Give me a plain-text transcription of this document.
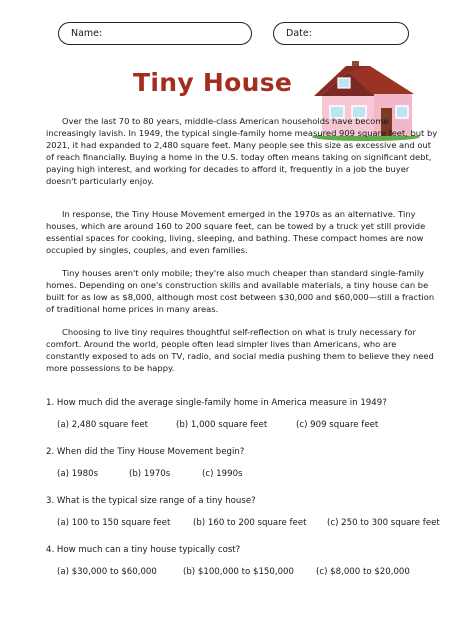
Name:	Date:
Tiny House

Over the last 70 to 80 years, middle-class American households have become increasingly lavish. In 1949, the typical single-family home measured 909 square feet, but by 2021, it had expanded to 2,480 square feet. Many people see this size as excessive and out of reach financially. Buying a home in the U.S. today often means taking on significant debt, paying high interest, and working for decades to afford it, frequently in a job the buyer doesn't particularly enjoy.

In response, the Tiny House Movement emerged in the 1970s as an alternative. Tiny houses, which are around 160 to 200 square feet, can be towed by a truck yet still provide essential spaces for cooking, living, sleeping, and bathing. These compact homes are now occupied by singles, couples, and even families.

Tiny houses aren't only mobile; they're also much cheaper than standard single-family homes. Depending on one's construction skills and available materials, a tiny house can be built for as low as $8,000, although most cost between $30,000 and $60,000—still a fraction of traditional home prices in many areas.

Choosing to live tiny requires thoughtful self-reflection on what is truly necessary for comfort. Around the world, people often lead simpler lives than Americans, who are constantly exposed to ads on TV, radio, and social media pushing them to believe they need more possessions to be happy.

1. How much did the average single-family home in America measure in 1949?
(a) 2,480 square feet	(b) 1,000 square feet	(c) 909 square feet
2. When did the Tiny House Movement begin?
(a) 1980s	(b) 1970s	(c) 1990s
3. What is the typical size range of a tiny house?
(a) 100 to 150 square feet	(b) 160 to 200 square feet (c) 250 to 300 square feet
4. How much can a tiny house typically cost?
(a) $30,000 to $60,000	(b) $100,000 to $150,000	(c) $8,000 to $20,000
